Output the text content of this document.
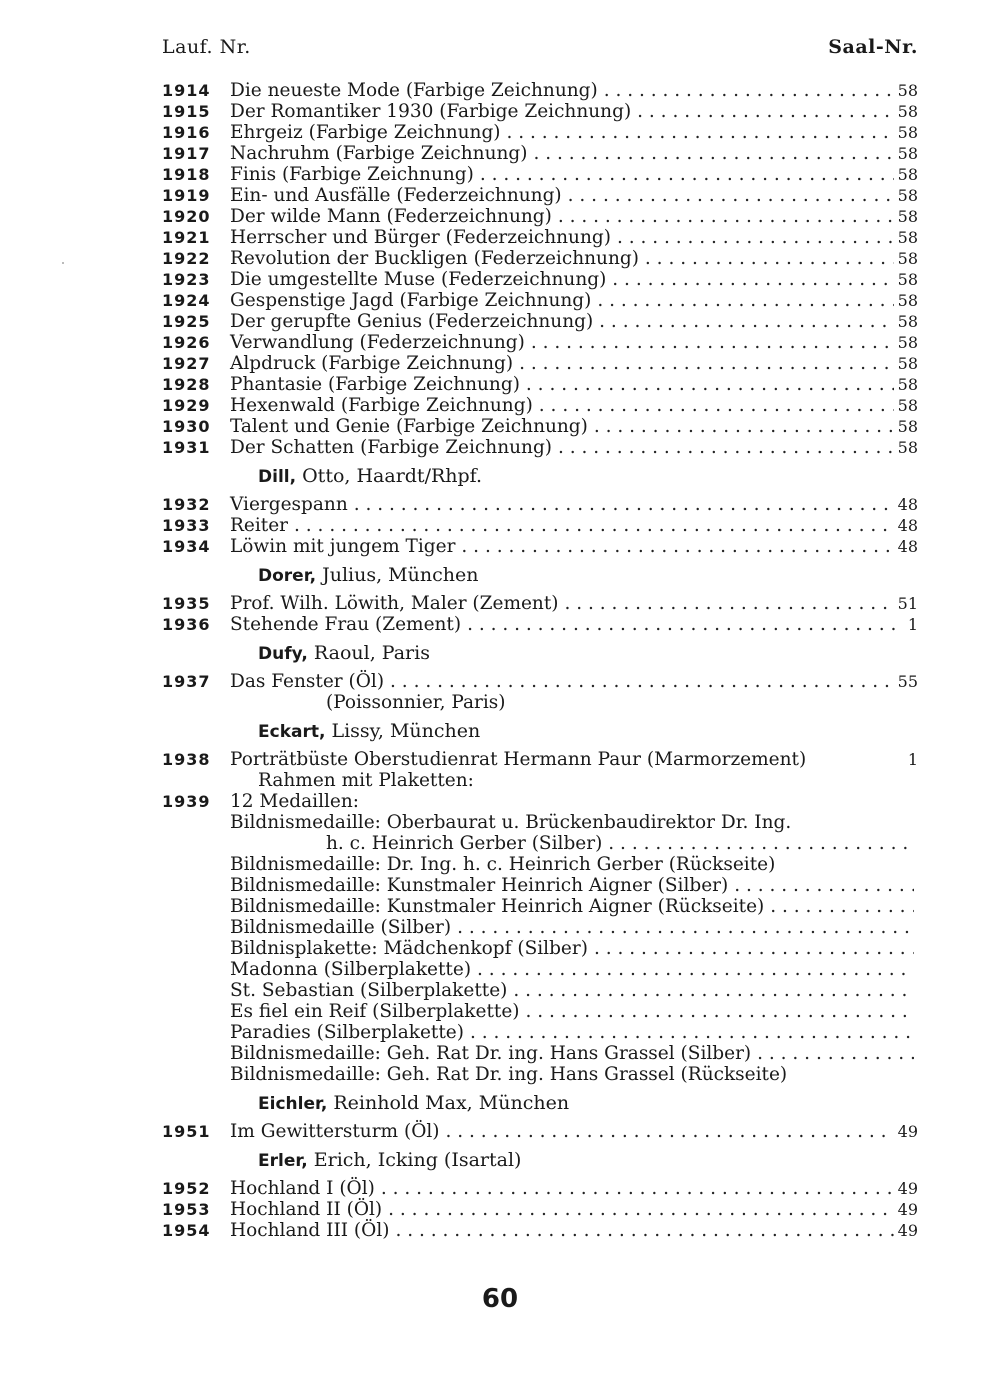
Lauf. Nr.	Saal-Nr.
1914	Die neueste Mode (Farbige Zeichnung) . . .	58
1915	Der Romantiker 1930 (Farbige Zeichnung) . . .	58
1916	Ehrgeiz (Farbige Zeichnung) . . .	58
1917	Nachruhm (Farbige Zeichnung) . . .	58
1918	Finis (Farbige Zeichnung) . . .	58
1919	Ein- und Ausfälle (Federzeichnung) . . .	58
1920	Der wilde Mann (Federzeichnung) . . .	58
1921	Herrscher und Bürger (Federzeichnung) . . .	58
1922	Revolution der Buckligen (Federzeichnung) . . .	58
1923	Die umgestellte Muse (Federzeichnung) . . .	58
1924	Gespenstige Jagd (Farbige Zeichnung) . . .	58
1925	Der gerupfte Genius (Federzeichnung) . . .	58
1926	Verwandlung (Federzeichnung) . . .	58
1927	Alpdruck (Farbige Zeichnung) . . .	58
1928	Phantasie (Farbige Zeichnung) . . .	58
1929	Hexenwald (Farbige Zeichnung) . . .	58
1930	Talent und Genie (Farbige Zeichnung) . . .	58
1931	Der Schatten (Farbige Zeichnung) . . .	58
Dill, Otto, Haardt/Rhpf.
1932	Viergespann . . .	48
1933	Reiter . . .	48
1934	Löwin mit jungem Tiger . . .	48
Dorer, Julius, München
1935	Prof. Wilh. Löwith, Maler (Zement) . . .	51
1936	Stehende Frau (Zement) . . .	1
Dufy, Raoul, Paris
1937	Das Fenster (Öl) . . .	55
(Poissonnier, Paris)
Eckart, Lissy, München
1938	Porträtbüste Oberstudienrat Hermann Paur (Marmorzement)	1
Rahmen mit Plaketten:
1939	12 Medaillen:
Bildnismedaille: Oberbaurat u. Brückenbaudirektor Dr. Ing.
h. c. Heinrich Gerber (Silber)
. . .
Bildnismedaille: Dr. Ing. h. c. Heinrich Gerber (Rückseite)
Bildnismedaille: Kunstmaler Heinrich Aigner (Silber)
. . .
Bildnismedaille: Kunstmaler Heinrich Aigner (Rückseite)
. . .
Bildnismedaille (Silber)
. . .
Bildnisplakette: Mädchenkopf (Silber)
. . .
Madonna (Silberplakette)
. . .
St. Sebastian (Silberplakette)
. . .
Es fiel ein Reif (Silberplakette)
. . .
Paradies (Silberplakette)
. . .
Bildnismedaille: Geh. Rat Dr. ing. Hans Grassel (Silber)
. . .
Bildnismedaille: Geh. Rat Dr. ing. Hans Grassel (Rückseite)
Eichler, Reinhold Max, München
1951	Im Gewittersturm (Öl) . . .	49
Erler, Erich, Icking (Isartal)
1952	Hochland I (Öl) . . .	49
1953	Hochland II (Öl) . . .	49
1954	Hochland III (Öl) . . .	49
60
